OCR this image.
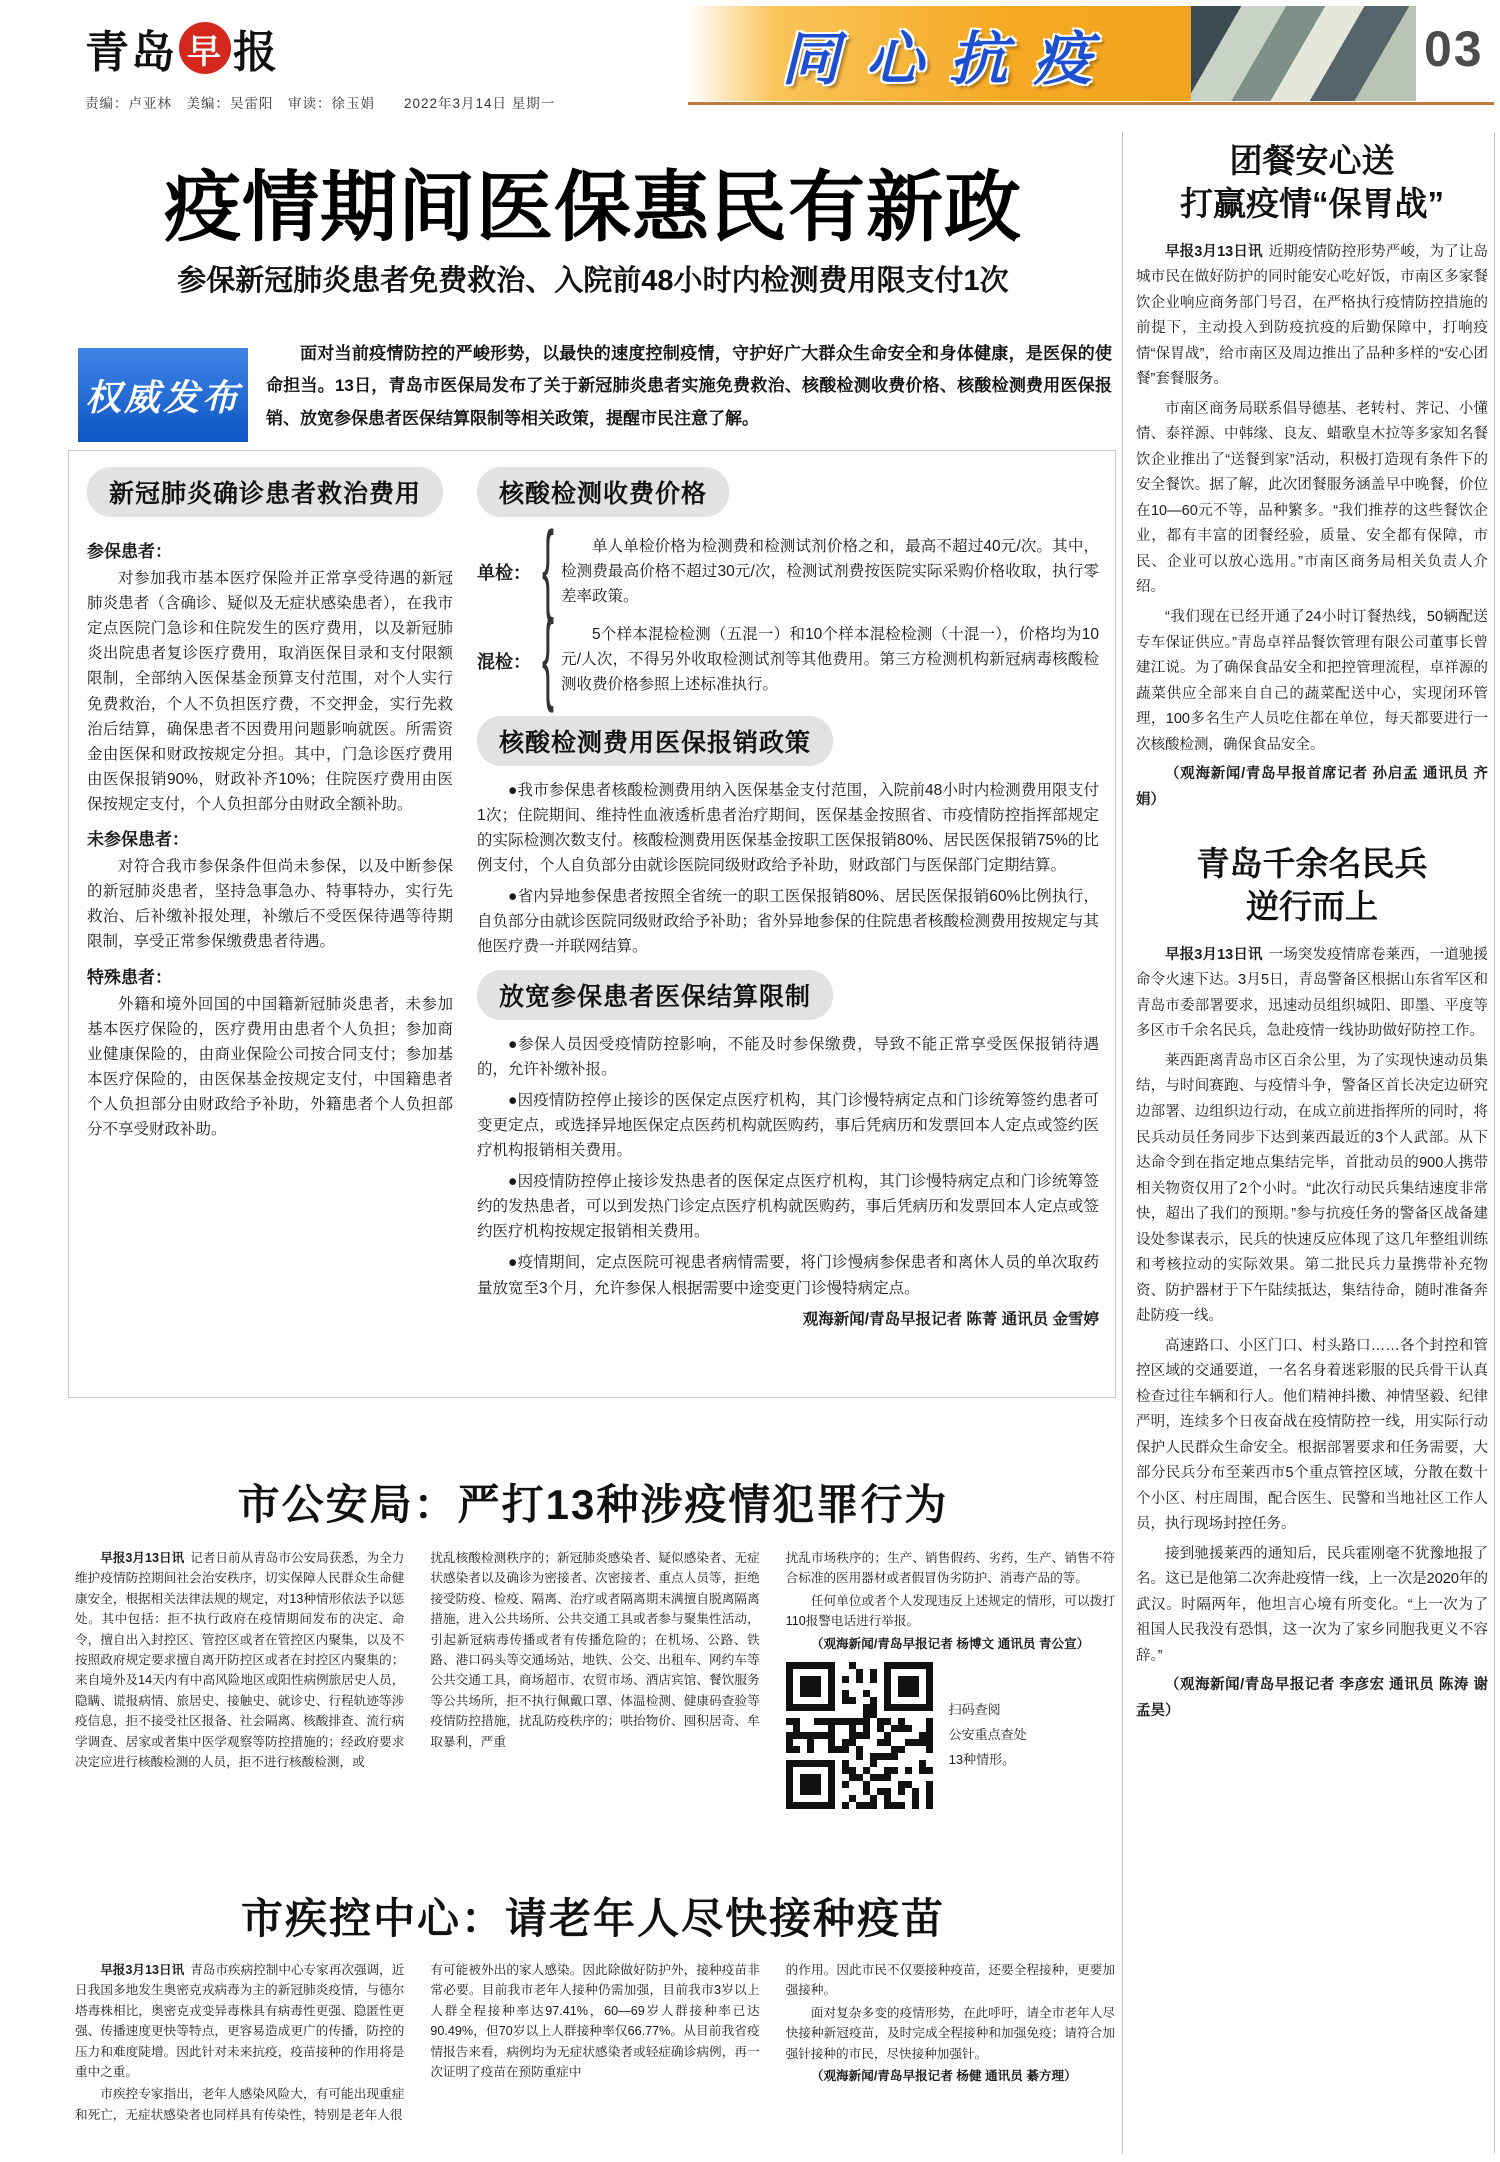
青岛 早 报
责编：卢亚林　美编：吴雷阳　审读：徐玉娟　　2022年3月14日 星期一
同心抗疫	03
疫情期间医保惠民有新政
参保新冠肺炎患者免费救治、入院前48小时内检测费用限支付1次
权威发布
面对当前疫情防控的严峻形势，以最快的速度控制疫情，守护好广大群众生命安全和身体健康，是医保的使命担当。13日，青岛市医保局发布了关于新冠肺炎患者实施免费救治、核酸检测收费价格、核酸检测费用医保报销、放宽参保患者医保结算限制等相关政策，提醒市民注意了解。
新冠肺炎确诊患者救治费用
参保患者：

对参加我市基本医疗保险并正常享受待遇的新冠肺炎患者（含确诊、疑似及无症状感染患者），在我市定点医院门急诊和住院发生的医疗费用，以及新冠肺炎出院患者复诊医疗费用，取消医保目录和支付限额限制，全部纳入医保基金预算支付范围，对个人实行免费救治，个人不负担医疗费，不交押金，实行先救治后结算，确保患者不因费用问题影响就医。所需资金由医保和财政按规定分担。其中，门急诊医疗费用由医保报销90%，财政补齐10%；住院医疗费用由医保按规定支付，个人负担部分由财政全额补助。

未参保患者：

对符合我市参保条件但尚未参保，以及中断参保的新冠肺炎患者，坚持急事急办、特事特办，实行先救治、后补缴补报处理，补缴后不受医保待遇等待期限制，享受正常参保缴费患者待遇。

特殊患者：

外籍和境外回国的中国籍新冠肺炎患者，未参加基本医疗保险的，医疗费用由患者个人负担；参加商业健康保险的，由商业保险公司按合同支付；参加基本医疗保险的，由医保基金按规定支付，中国籍患者个人负担部分由财政给予补助，外籍患者个人负担部分不享受财政补助。

核酸检测收费价格
单检： {	单人单检价格为检测费和检测试剂价格之和，最高不超过40元/次。其中，检测费最高价格不超过30元/次，检测试剂费按医院实际采购价格收取，执行零差率政策。
混检： {	5个样本混检检测（五混一）和10个样本混检检测（十混一），价格均为10元/人次，不得另外收取检测试剂等其他费用。第三方检测机构新冠病毒核酸检测收费价格参照上述标准执行。
核酸检测费用医保报销政策

●我市参保患者核酸检测费用纳入医保基金支付范围，入院前48小时内检测费用限支付1次；住院期间、维持性血液透析患者治疗期间，医保基金按照省、市疫情防控指挥部规定的实际检测次数支付。核酸检测费用医保基金按职工医保报销80%、居民医保报销75%的比例支付，个人自负部分由就诊医院同级财政给予补助，财政部门与医保部门定期结算。

●省内异地参保患者按照全省统一的职工医保报销80%、居民医保报销60%比例执行，自负部分由就诊医院同级财政给予补助；省外异地参保的住院患者核酸检测费用按规定与其他医疗费一并联网结算。

放宽参保患者医保结算限制

●参保人员因受疫情防控影响，不能及时参保缴费，导致不能正常享受医保报销待遇的，允许补缴补报。

●因疫情防控停止接诊的医保定点医疗机构，其门诊慢特病定点和门诊统筹签约患者可变更定点，或选择异地医保定点医药机构就医购药，事后凭病历和发票回本人定点或签约医疗机构报销相关费用。

●因疫情防控停止接诊发热患者的医保定点医疗机构，其门诊慢特病定点和门诊统筹签约的发热患者，可以到发热门诊定点医疗机构就医购药，事后凭病历和发票回本人定点或签约医疗机构按规定报销相关费用。

●疫情期间，定点医院可视患者病情需要，将门诊慢病参保患者和离休人员的单次取药量放宽至3个月，允许参保人根据需要中途变更门诊慢特病定点。

观海新闻/青岛早报记者 陈菁 通讯员 金雪婷
市公安局：严打13种涉疫情犯罪行为

早报3月13日讯 记者日前从青岛市公安局获悉，为全力维护疫情防控期间社会治安秩序，切实保障人民群众生命健康安全，根据相关法律法规的规定，对13种情形依法予以惩处。其中包括：拒不执行政府在疫情期间发布的决定、命令，擅自出入封控区、管控区或者在管控区内聚集，以及不按照政府规定要求擅自离开防控区或者在封控区内聚集的；来自境外及14天内有中高风险地区或阳性病例旅居史人员，隐瞒、谎报病情、旅居史、接触史、就诊史、行程轨迹等涉疫信息，拒不接受社区报备、社会隔离、核酸排查、流行病学调查、居家或者集中医学观察等防控措施的；经政府要求决定应进行核酸检测的人员，拒不进行核酸检测，或

扰乱核酸检测秩序的；新冠肺炎感染者、疑似感染者、无症状感染者以及确诊为密接者、次密接者、重点人员等，拒绝接受防疫、检疫、隔离、治疗或者隔离期未满擅自脱离隔离措施，进入公共场所、公共交通工具或者参与聚集性活动，引起新冠病毒传播或者有传播危险的；在机场、公路、铁路、港口码头等交通场站，地铁、公交、出租车、网约车等公共交通工具，商场超市、农贸市场、酒店宾馆、餐饮服务等公共场所，拒不执行佩戴口罩、体温检测、健康码查验等疫情防控措施，扰乱防疫秩序的；哄抬物价、囤积居奇、牟取暴利，严重

扰乱市场秩序的；生产、销售假药、劣药，生产、销售不符合标准的医用器材或者假冒伪劣防护、消毒产品的等。

任何单位或者个人发现违反上述规定的情形，可以拨打110报警电话进行举报。

（观海新闻/青岛早报记者 杨博文 通讯员 青公宣）

扫码查阅
公安重点查处
13种情形。
市疾控中心：请老年人尽快接种疫苗

早报3月13日讯 青岛市疾病控制中心专家再次强调，近日我国多地发生奥密克戎病毒为主的新冠肺炎疫情，与德尔塔毒株相比，奥密克戎变异毒株具有病毒性更强、隐匿性更强、传播速度更快等特点，更容易造成更广的传播，防控的压力和难度陡增。因此针对未来抗疫，疫苗接种的作用将是重中之重。

市疾控专家指出，老年人感染风险大，有可能出现重症和死亡，无症状感染者也同样具有传染性，特别是老年人很

有可能被外出的家人感染。因此除做好防护外，接种疫苗非常必要。目前我市老年人接种仍需加强，目前我市3岁以上人群全程接种率达97.41%，60—69岁人群接种率已达90.49%，但70岁以上人群接种率仅66.77%。从目前我省疫情报告来看，病例均为无症状感染者或轻症确诊病例，再一次证明了疫苗在预防重症中

的作用。因此市民不仅要接种疫苗，还要全程接种，更要加强接种。

面对复杂多变的疫情形势，在此呼吁，请全市老年人尽快接种新冠疫苗，及时完成全程接种和加强免疫；请符合加强针接种的市民，尽快接种加强针。

（观海新闻/青岛早报记者 杨健 通讯员 綦方理）

团餐安心送
打赢疫情“保胃战”

早报3月13日讯 近期疫情防控形势严峻，为了让岛城市民在做好防护的同时能安心吃好饭，市南区多家餐饮企业响应商务部门号召，在严格执行疫情防控措施的前提下，主动投入到防疫抗疫的后勤保障中，打响疫情“保胃战”，给市南区及周边推出了品种多样的“安心团餐”套餐服务。

市南区商务局联系倡导德基、老转村、荠记、小懂情、泰祥源、中韩缘、良友、蜡歌皇木拉等多家知名餐饮企业推出了“送餐到家”活动，积极打造现有条件下的安全餐饮。据了解，此次团餐服务涵盖早中晚餐，价位在10—60元不等，品种繁多。“我们推荐的这些餐饮企业，都有丰富的团餐经验，质量、安全都有保障，市民、企业可以放心选用。”市南区商务局相关负责人介绍。

“我们现在已经开通了24小时订餐热线，50辆配送专车保证供应。”青岛卓祥品餐饮管理有限公司董事长曾建江说。为了确保食品安全和把控管理流程，卓祥源的蔬菜供应全部来自自己的蔬菜配送中心，实现闭环管理，100多名生产人员吃住都在单位，每天都要进行一次核酸检测，确保食品安全。

（观海新闻/青岛早报首席记者 孙启孟 通讯员 齐娟）

青岛千余名民兵
逆行而上

早报3月13日讯 一场突发疫情席卷莱西，一道驰援命令火速下达。3月5日，青岛警备区根据山东省军区和青岛市委部署要求，迅速动员组织城阳、即墨、平度等多区市千余名民兵，急赴疫情一线协助做好防控工作。

莱西距离青岛市区百余公里，为了实现快速动员集结，与时间赛跑、与疫情斗争，警备区首长决定边研究边部署、边组织边行动，在成立前进指挥所的同时，将民兵动员任务同步下达到莱西最近的3个人武部。从下达命令到在指定地点集结完毕，首批动员的900人携带相关物资仅用了2个小时。“此次行动民兵集结速度非常快，超出了我们的预期。”参与抗疫任务的警备区战备建设处参谋表示，民兵的快速反应体现了这几年整组训练和考核拉动的实际效果。第二批民兵力量携带补充物资、防护器材于下午陆续抵达，集结待命，随时准备奔赴防疫一线。

高速路口、小区门口、村头路口……各个封控和管控区域的交通要道，一名名身着迷彩服的民兵骨干认真检查过往车辆和行人。他们精神抖擞、神情坚毅、纪律严明，连续多个日夜奋战在疫情防控一线，用实际行动保护人民群众生命安全。根据部署要求和任务需要，大部分民兵分布至莱西市5个重点管控区域，分散在数十个小区、村庄周围，配合医生、民警和当地社区工作人员，执行现场封控任务。

接到驰援莱西的通知后，民兵霍刚毫不犹豫地报了名。这已是他第二次奔赴疫情一线，上一次是2020年的武汉。时隔两年，他坦言心境有所变化。“上一次为了祖国人民我没有恐惧，这一次为了家乡同胞我更义不容辞。”

（观海新闻/青岛早报记者 李彦宏 通讯员 陈涛 谢孟昊）
